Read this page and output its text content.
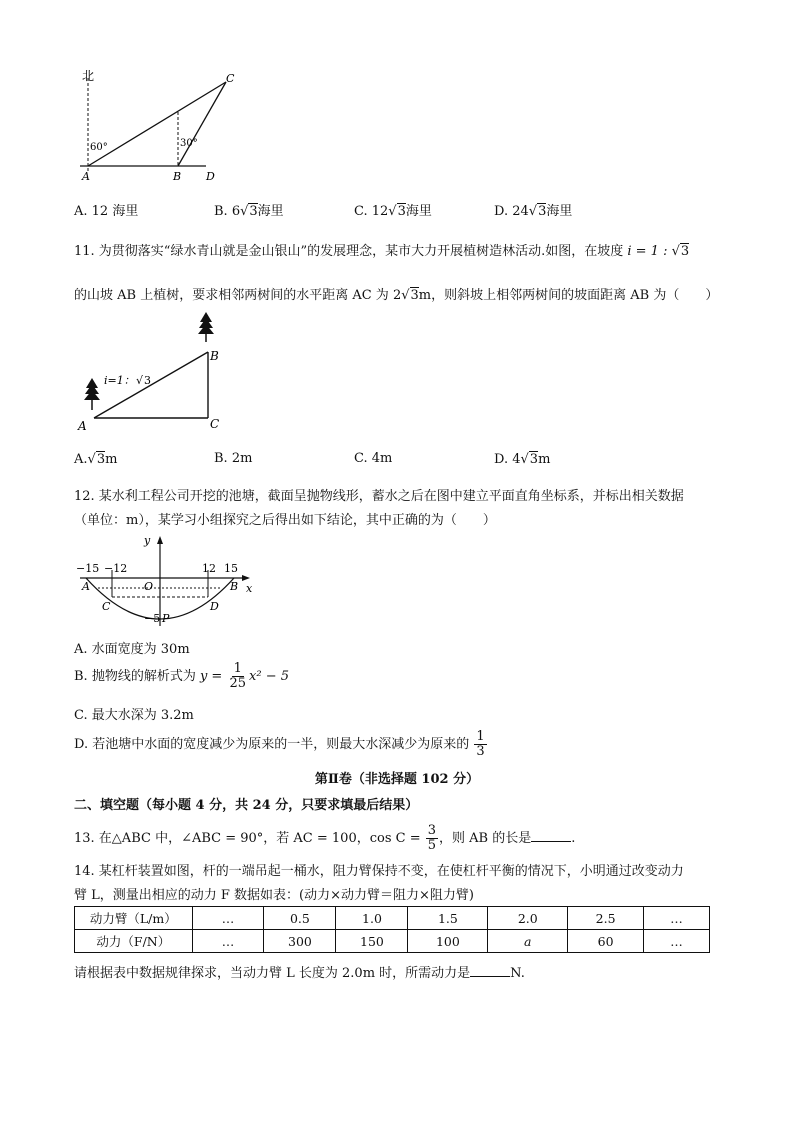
北
60°	30°
A	B
C
D
A. 12 海里	B. 6√3海里	C. 12√3海里	D. 24√3海里
11. 为贯彻落实“绿水青山就是金山银山”的发展理念，某市大力开展植树造林活动.如图，在坡度 i = 1 : √3
的山坡 AB 上植树，要求相邻两树间的水平距离 AC 为 2√3m，则斜坡上相邻两树间的坡面距离 AB 为（　　）
i=1： √ 3
A
B
C
A.√3m	B. 2m	C. 4m	D. 4√3m
12. 某水利工程公司开挖的池塘，截面呈抛物线形，蓄水之后在图中建立平面直角坐标系，并标出相关数据
（单位：m），某学习小组探究之后得出如下结论，其中正确的为（　　）
y
x
−15 −12	12 15
A	B
O
C	D
−5 P
A. 水面宽度为 30m
B. 抛物线的解析式为 $y = \frac{1}{25} x^2 - 5$
C. 最大水深为 3.2m
D. 若池塘中水面的宽度减少为原来的一半，则最大水深减少为原来的 $\frac{1}{3}$
第Ⅱ卷（非选择题 102 分）
二、填空题（每小题 4 分，共 24 分，只要求填最后结果）
13. 在△ABC 中，∠ABC = 90°，若 AC = 100，$\cos C = \frac{3}{5}$ ，则 AB 的长是	.
14. 某杠杆装置如图，杆的一端吊起一桶水，阻力臂保持不变，在使杠杆平衡的情况下，小明通过改变动力
臂 L，测量出相应的动力 F 数据如表：(动力×动力臂＝阻力×阻力臂)
动力臂（L/m）	…	0.5	1.0	1.5	2.0	2.5	…
动力（F/N）	…	300	150	100	a	60	…
请根据表中数据规律探求，当动力臂 L 长度为 2.0m 时，所需动力是	N.
